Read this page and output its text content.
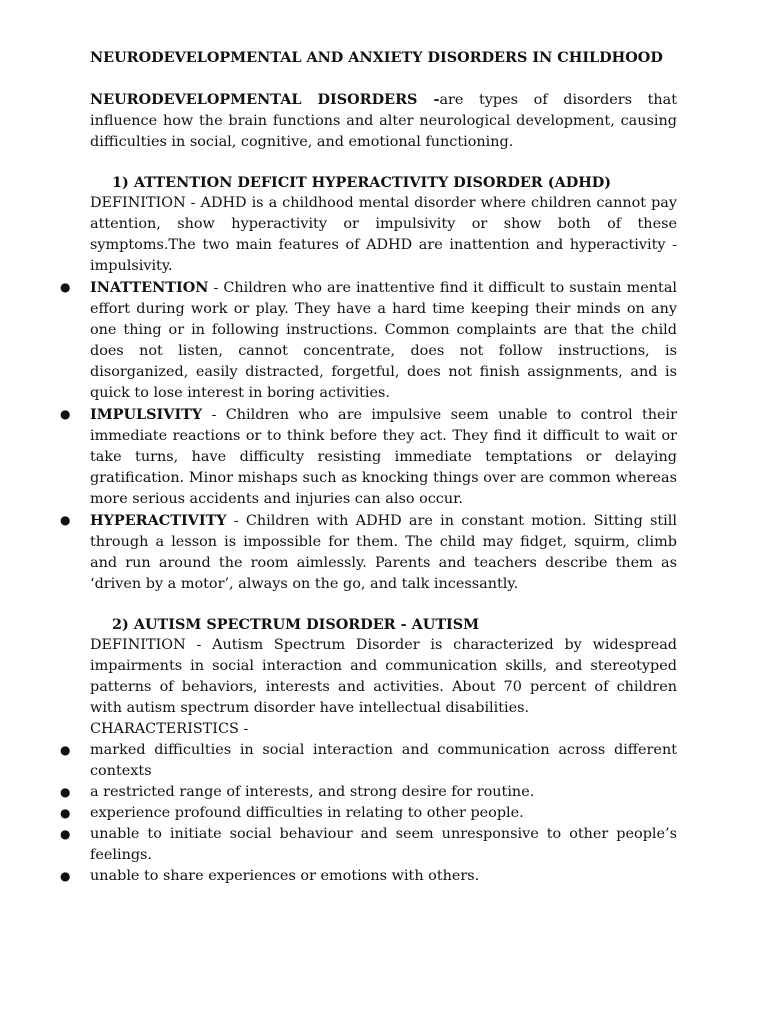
NEURODEVELOPMENTAL AND ANXIETY DISORDERS IN CHILDHOOD

NEURODEVELOPMENTAL DISORDERS -are types of disorders that influence how the brain functions and alter neurological development, causing difficulties in social, cognitive, and emotional functioning.

1) ATTENTION DEFICIT HYPERACTIVITY DISORDER (ADHD)

DEFINITION - ADHD is a childhood mental disorder where children cannot pay attention, show hyperactivity or impulsivity or show both of these symptoms.The two main features of ADHD are inattention and hyperactivity - impulsivity.

● INATTENTION - Children who are inattentive find it difficult to sustain mental effort during work or play. They have a hard time keeping their minds on any one thing or in following instructions. Common complaints are that the child does not listen, cannot concentrate, does not follow instructions, is disorganized, easily distracted, forgetful, does not finish assignments, and is quick to lose interest in boring activities.
● IMPULSIVITY - Children who are impulsive seem unable to control their immediate reactions or to think before they act. They find it difficult to wait or take turns, have difficulty resisting immediate temptations or delaying gratification. Minor mishaps such as knocking things over are common whereas more serious accidents and injuries can also occur.
● HYPERACTIVITY - Children with ADHD are in constant motion. Sitting still through a lesson is impossible for them. The child may fidget, squirm, climb and run around the room aimlessly. Parents and teachers describe them as ‘driven by a motor’, always on the go, and talk incessantly.

2) AUTISM SPECTRUM DISORDER - AUTISM

DEFINITION - Autism Spectrum Disorder is characterized by widespread impairments in social interaction and communication skills, and stereotyped patterns of behaviors, interests and activities. About 70 percent of children with autism spectrum disorder have intellectual disabilities.

CHARACTERISTICS -

● marked difficulties in social interaction and communication across different contexts
● a restricted range of interests, and strong desire for routine.
● experience profound difficulties in relating to other people.
● unable to initiate social behaviour and seem unresponsive to other people’s feelings.
● unable to share experiences or emotions with others.
